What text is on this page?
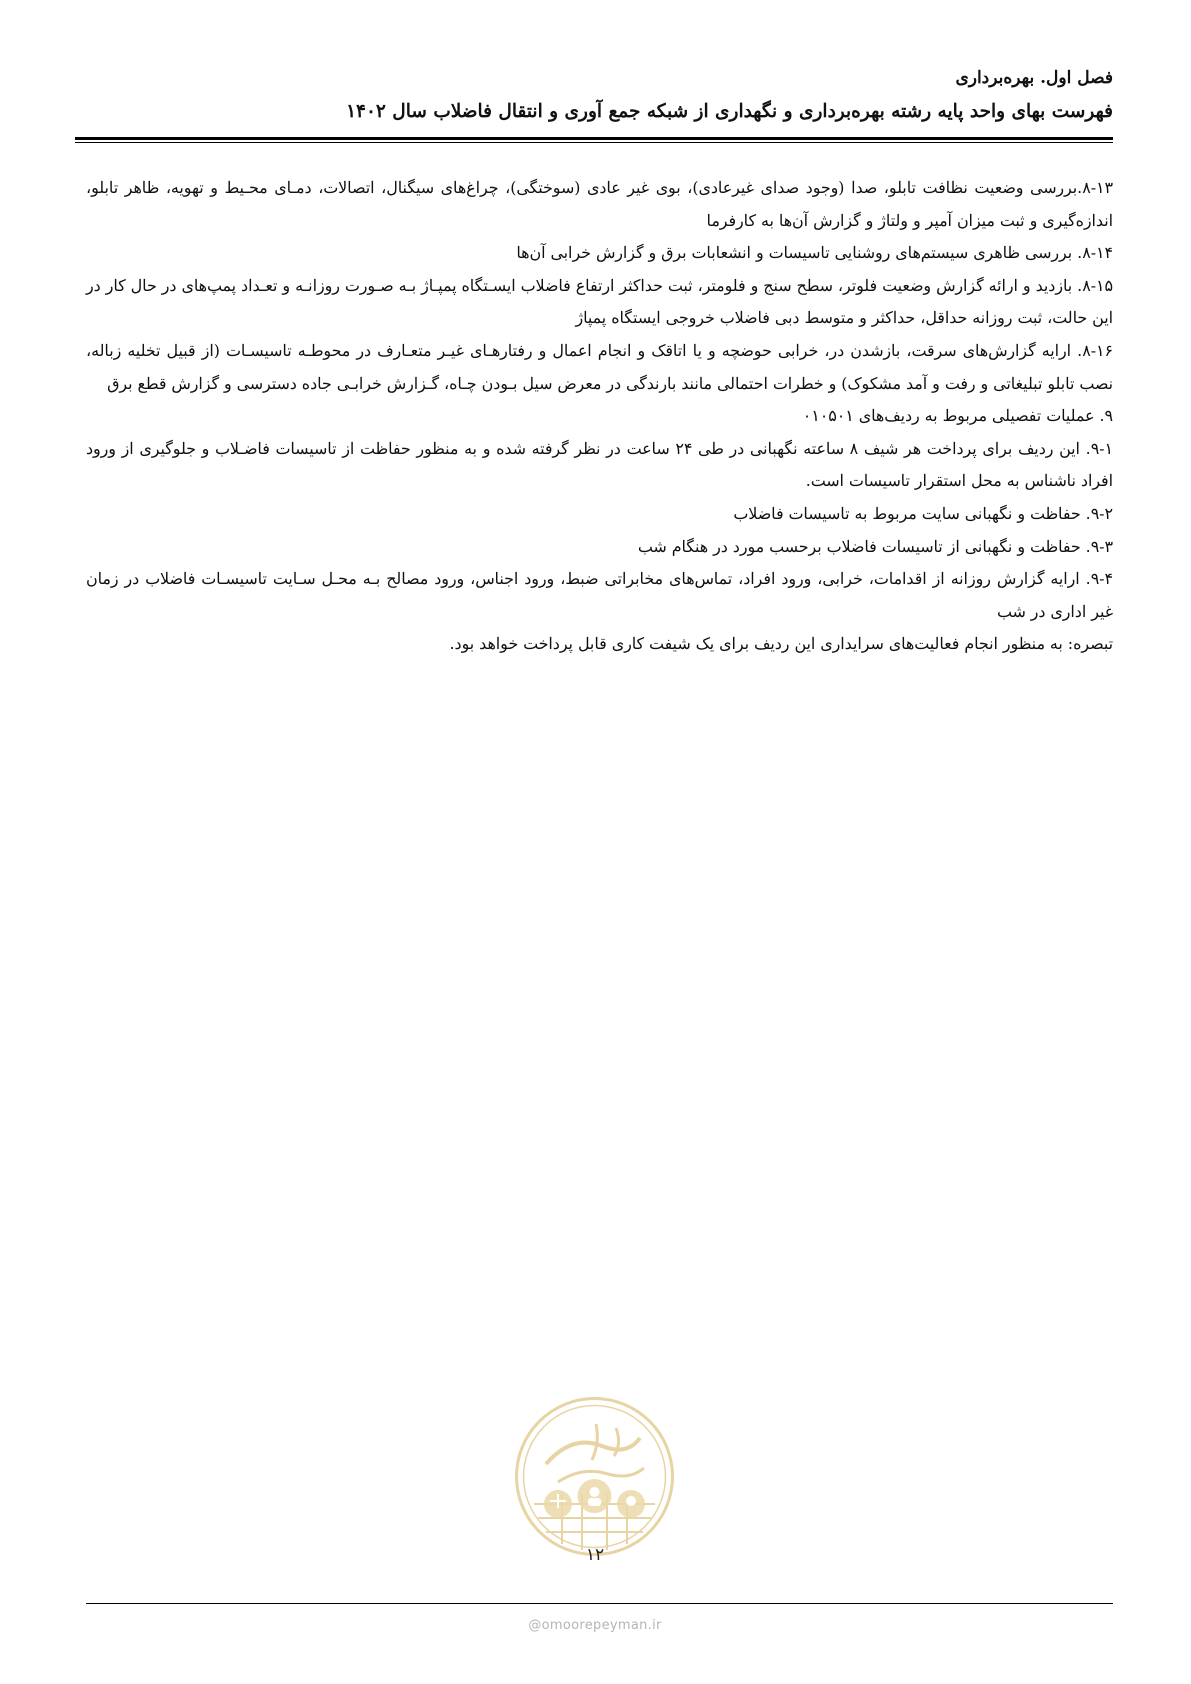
فصل اول. بهره‌برداری
فهرست بهای واحد پایه رشته بهره‌برداری و نگهداری از شبکه جمع آوری و انتقال فاضلاب سال ۱۴۰۲

۸-۱۳.بررسی وضعیت نظافت تابلو، صدا (وجود صدای غیرعادی)، بوی غیر عادی (سوختگی)، چراغ‌های سیگنال، اتصالات، دمـای محـیط و تهویه، ظاهر تابلو، اندازه‌گیری و ثبت میزان آمپر و ولتاژ و گزارش آن‌ها به کارفرما

۸-۱۴. بررسی ظاهری سیستم‌های روشنایی تاسیسات و انشعابات برق و گزارش خرابی آن‌ها

۸-۱۵. بازدید و ارائه گزارش وضعیت فلوتر، سطح سنج و فلومتر، ثبت حداکثر ارتفاع فاضلاب ایسـتگاه پمپـاژ بـه صـورت روزانـه و تعـداد پمپ‌های در حال کار در این حالت، ثبت روزانه حداقل، حداکثر و متوسط دبی فاضلاب خروجی ایستگاه پمپاژ

۸-۱۶. ارایه گزارش‌های سرقت، بازشدن در، خرابی حوضچه و یا اتاقک و انجام اعمال و رفتارهـای غیـر متعـارف در محوطـه تاسیسـات (از قبیل تخلیه زباله، نصب تابلو تبلیغاتی و رفت و آمد مشکوک) و خطرات احتمالی مانند بارندگی در معرض سیل بـودن چـاه، گـزارش خرابـی جاده دسترسی و گزارش قطع برق

۹. عملیات تفصیلی مربوط به ردیف‌های ۰۱۰۵۰۱

۹-۱. این ردیف برای پرداخت هر شیف ۸ ساعته نگهبانی در طی ۲۴ ساعت در نظر گرفته شده و به منظور حفاظت از تاسیسات فاضـلاب و جلوگیری از ورود افراد ناشناس به محل استقرار تاسیسات است.

۹-۲. حفاظت و نگهبانی سایت مربوط به تاسیسات فاضلاب

۹-۳. حفاظت و نگهبانی از تاسیسات فاضلاب برحسب مورد در هنگام شب

۹-۴. ارایه گزارش روزانه از اقدامات، خرابی، ورود افراد، تماس‌های مخابراتی ضبط، ورود اجناس، ورود مصالح بـه محـل سـایت تاسیسـات فاضلاب در زمان غیر اداری در شب

تبصره: به منظور انجام فعالیت‌های سرایداری این ردیف برای یک شیفت کاری قابل پرداخت خواهد بود.

۱۲
@omoorepeyman.ir
